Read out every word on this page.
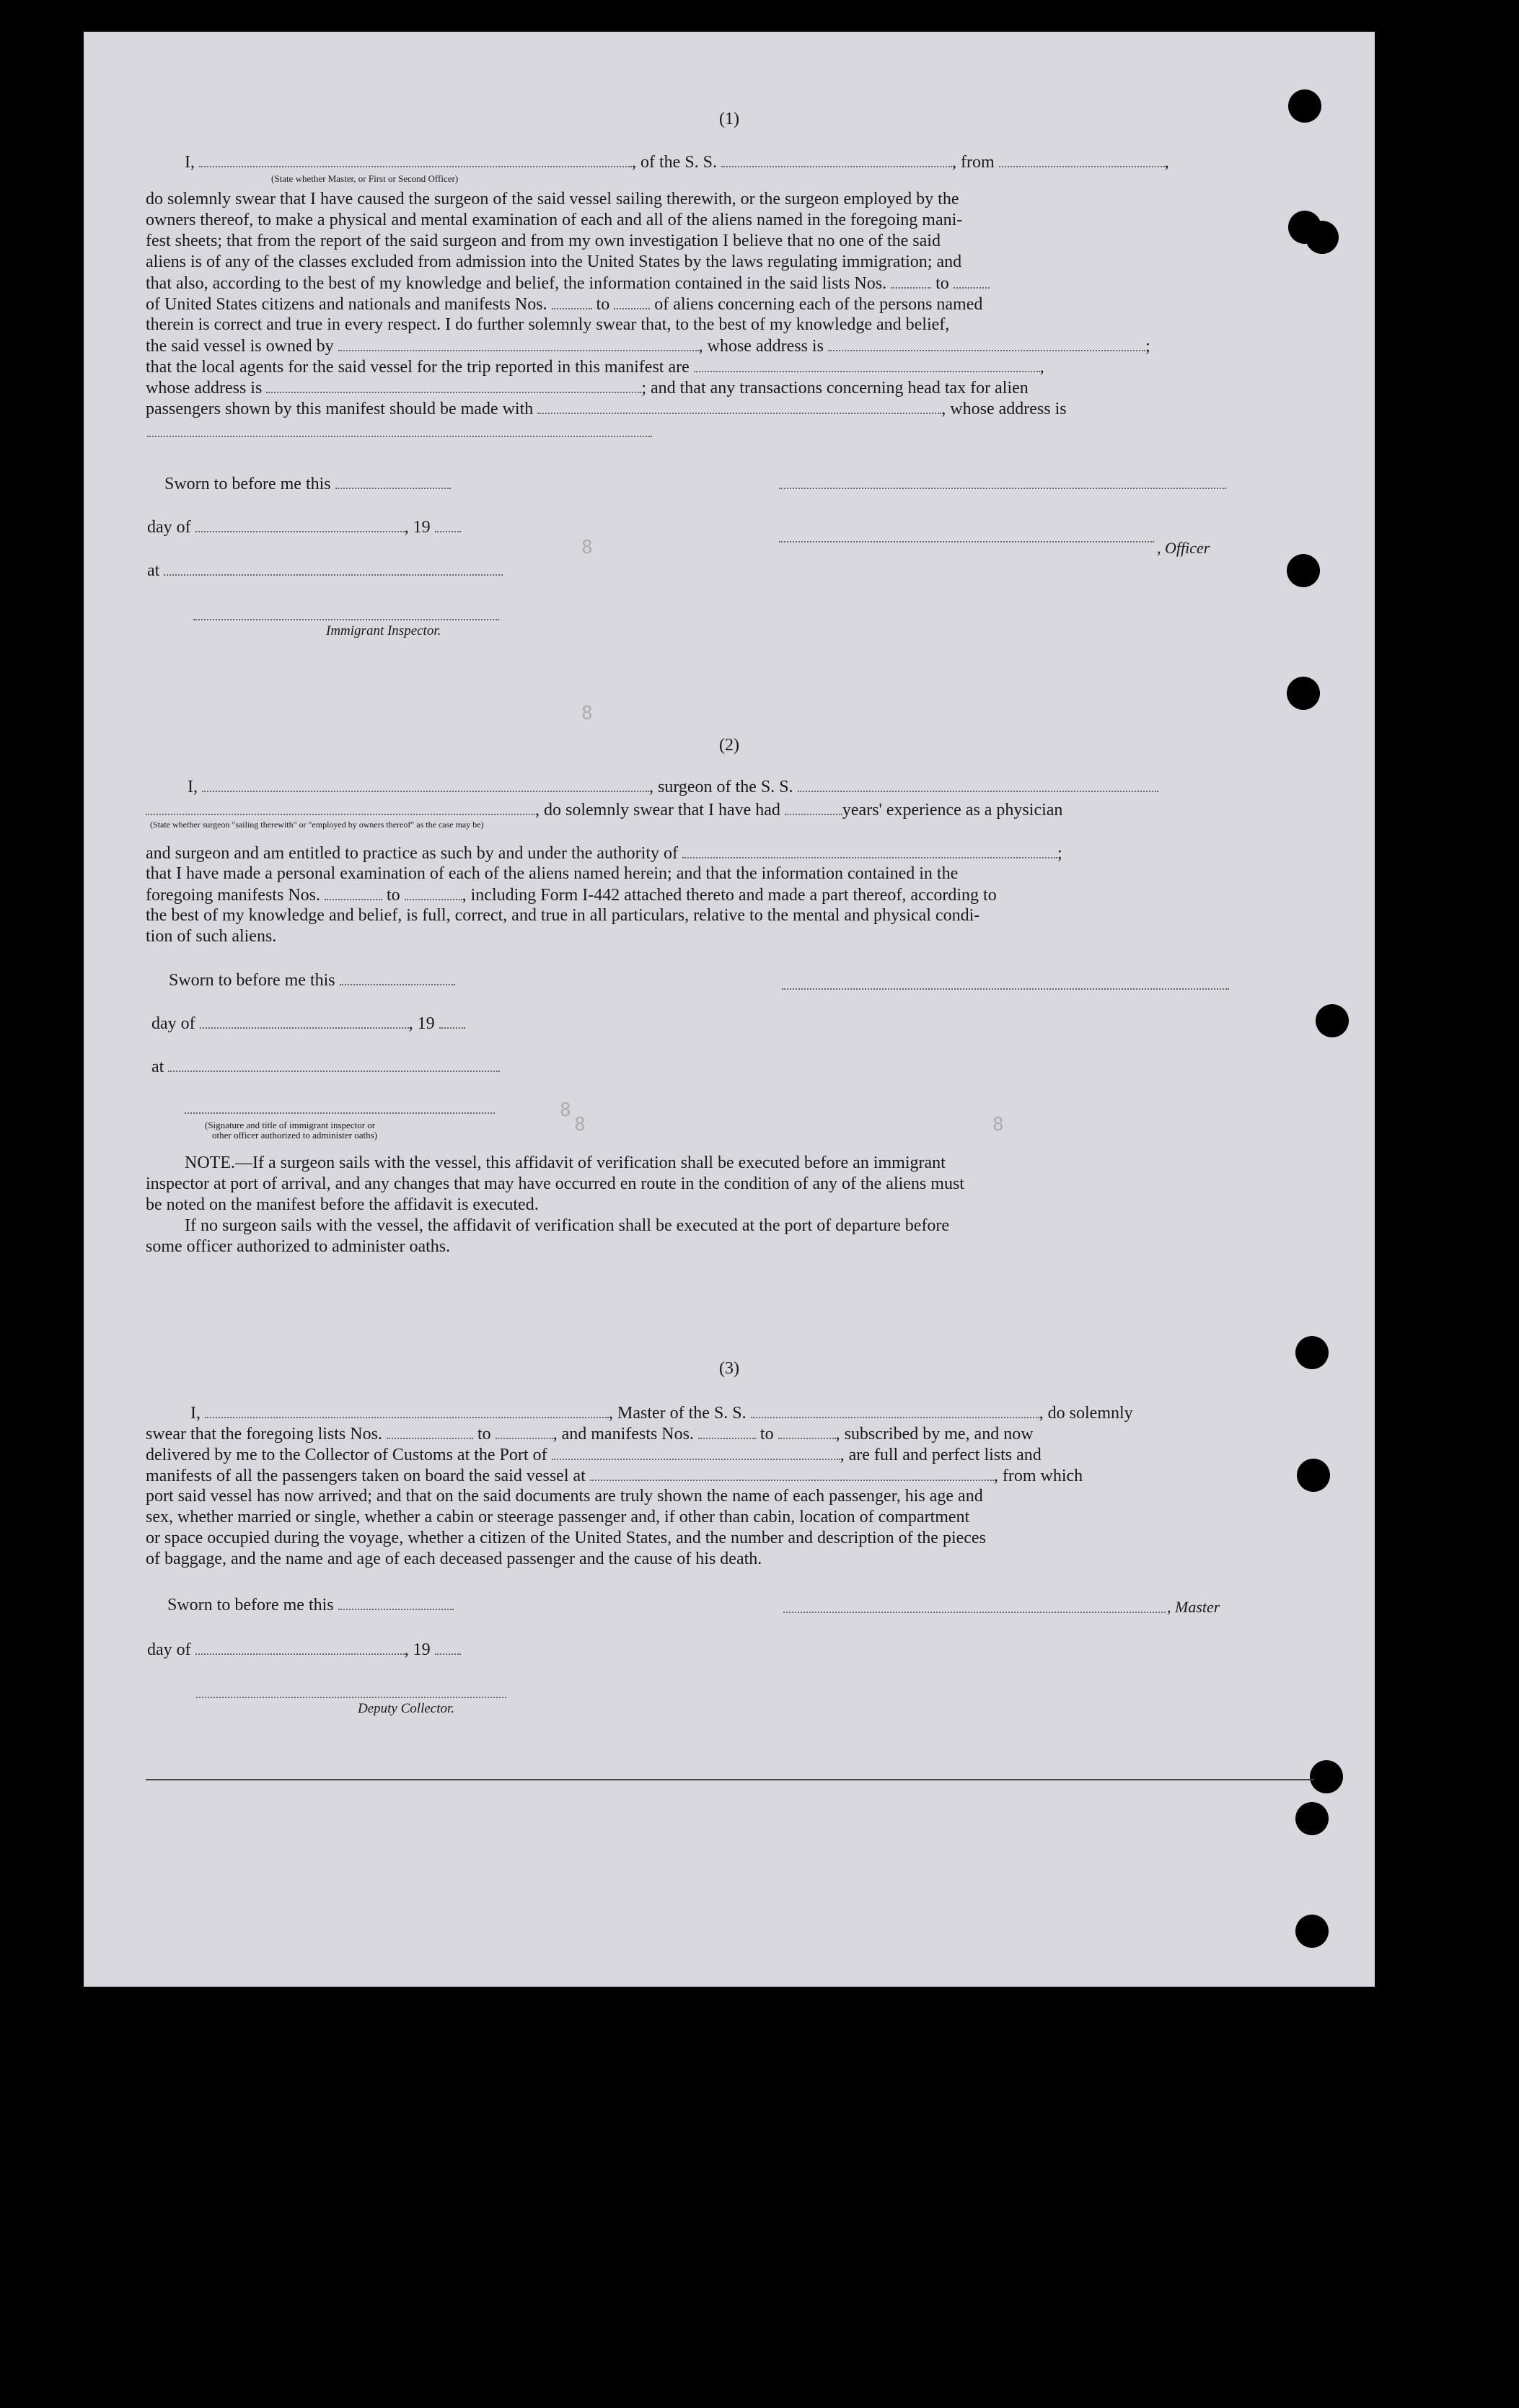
(1)

I,	, of the S. S.	, from	,

(State whether Master, or First or Second Officer)

do solemnly swear that I have caused the surgeon of the said vessel sailing therewith, or the surgeon employed by the

owners thereof, to make a physical and mental examination of each and all of the aliens named in the foregoing mani-

fest sheets; that from the report of the said surgeon and from my own investigation I believe that no one of the said

aliens is of any of the classes excluded from admission into the United States by the laws regulating immigration; and

that also, according to the best of my knowledge and belief, the information contained in the said lists Nos.	to

of United States citizens and nationals and manifests Nos.	to	of aliens concerning each of the persons named

therein is correct and true in every respect. I do further solemnly swear that, to the best of my knowledge and belief,

the said vessel is owned by	, whose address is	;

that the local agents for the said vessel for the trip reported in this manifest are	,

whose address is	; and that any transactions concerning head tax for alien

passengers shown by this manifest should be made with	, whose address is

Sworn to before me this

day of	, 19

, Officer

at

Immigrant Inspector.
8
8
8
8	8

(2)

I,	, surgeon of the S. S.

, do solemnly swear that I have had	years' experience as a physician

(State whether surgeon "sailing therewith" or "employed by owners thereof" as the case may be)

and surgeon and am entitled to practice as such by and under the authority of	;

that I have made a personal examination of each of the aliens named herein; and that the information contained in the

foregoing manifests Nos.	to	, including Form I-442 attached thereto and made a part thereof, according to

the best of my knowledge and belief, is full, correct, and true in all particulars, relative to the mental and physical condi-

tion of such aliens.

Sworn to before me this

day of	, 19

at

(Signature and title of immigrant inspector or
other officer authorized to administer oaths)

NOTE.—If a surgeon sails with the vessel, this affidavit of verification shall be executed before an immigrant

inspector at port of arrival, and any changes that may have occurred en route in the condition of any of the aliens must

be noted on the manifest before the affidavit is executed.

If no surgeon sails with the vessel, the affidavit of verification shall be executed at the port of departure before

some officer authorized to administer oaths.

(3)

I,	, Master of the S. S.	, do solemnly

swear that the foregoing lists Nos.	to	, and manifests Nos.	to	, subscribed by me, and now

delivered by me to the Collector of Customs at the Port of	, are full and perfect lists and

manifests of all the passengers taken on board the said vessel at	, from which

port said vessel has now arrived; and that on the said documents are truly shown the name of each passenger, his age and

sex, whether married or single, whether a cabin or steerage passenger and, if other than cabin, location of compartment

or space occupied during the voyage, whether a citizen of the United States, and the number and description of the pieces

of baggage, and the name and age of each deceased passenger and the cause of his death.

Sworn to before me this	, Master

day of	, 19

Deputy Collector.
